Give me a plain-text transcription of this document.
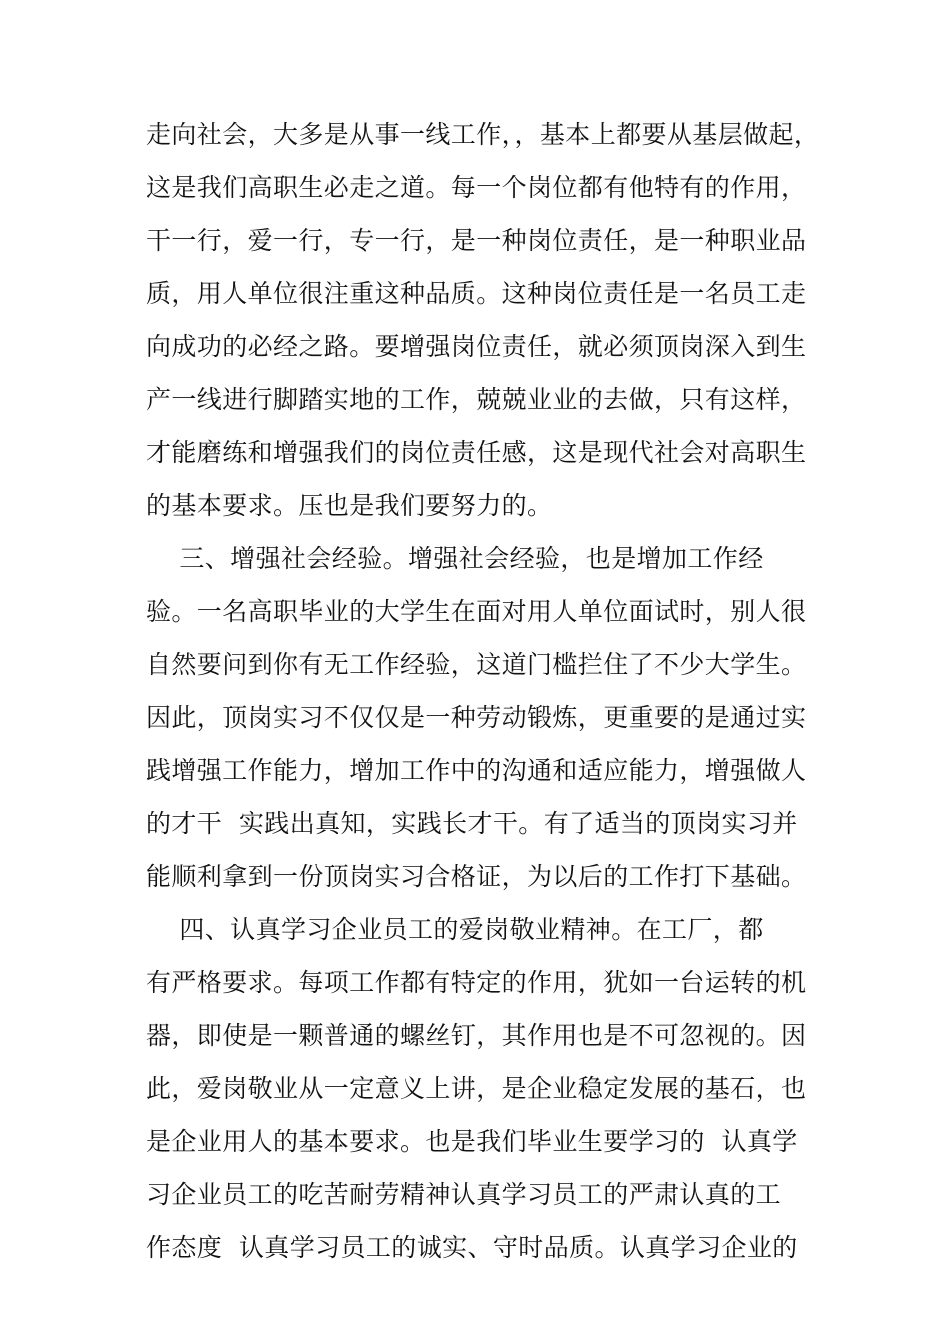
走向社会，大多是从事一线工作，，基本上都要从基层做起，
这是我们高职生必走之道。每一个岗位都有他特有的作用，
干一行，爱一行，专一行，是一种岗位责任，是一种职业品
质，用人单位很注重这种品质。这种岗位责任是一名员工走
向成功的必经之路。要增强岗位责任，就必须顶岗深入到生
产一线进行脚踏实地的工作，兢兢业业的去做，只有这样，
才能磨练和增强我们的岗位责任感，这是现代社会对高职生
的基本要求。压也是我们要努力的。
三、增强社会经验。增强社会经验，也是增加工作经
验。一名高职毕业的大学生在面对用人单位面试时，别人很
自然要问到你有无工作经验，这道门槛拦住了不少大学生。
因此，顶岗实习不仅仅是一种劳动锻炼，更重要的是通过实
践增强工作能力，增加工作中的沟通和适应能力，增强做人
的才干  实践出真知，实践长才干。有了适当的顶岗实习并
能顺利拿到一份顶岗实习合格证，为以后的工作打下基础。
四、认真学习企业员工的爱岗敬业精神。在工厂，都
有严格要求。每项工作都有特定的作用，犹如一台运转的机
器，即使是一颗普通的螺丝钉，其作用也是不可忽视的。因
此，爱岗敬业从一定意义上讲，是企业稳定发展的基石，也
是企业用人的基本要求。也是我们毕业生要学习的  认真学
习企业员工的吃苦耐劳精神认真学习员工的严肃认真的工
作态度  认真学习员工的诚实、守时品质。认真学习企业的
